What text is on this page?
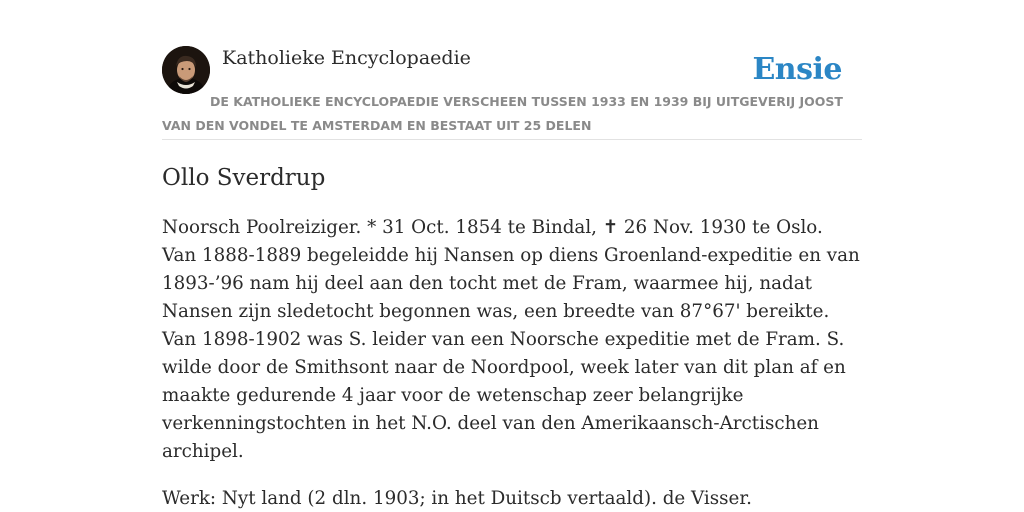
Katholieke Encyclopaedie	Ensie
DE KATHOLIEKE ENCYCLOPAEDIE VERSCHEEN TUSSEN 1933 EN 1939 BIJ UITGEVERIJ JOOST VAN DEN VONDEL TE AMSTERDAM EN BESTAAT UIT 25 DELEN
Ollo Sverdrup

Noorsch Poolreiziger. * 31 Oct. 1854 te Bindal, ✝ 26 Nov. 1930 te Oslo. Van 1888-1889 begeleidde hij Nansen op diens Groenland-expeditie en van 1893-’96 nam hij deel aan den tocht met de Fram, waarmee hij, nadat Nansen zijn sledetocht begonnen was, een breedte van 87°67' bereikte. Van 1898-1902 was S. leider van een Noorsche expeditie met de Fram. S. wilde door de Smithsont naar de Noordpool, week later van dit plan af en maakte gedurende 4 jaar voor de wetenschap zeer belangrijke verkenningstochten in het N.O. deel van den Amerikaansch-Arctischen archipel.

Werk: Nyt land (2 dln. 1903; in het Duitscb vertaald). de Visser.
